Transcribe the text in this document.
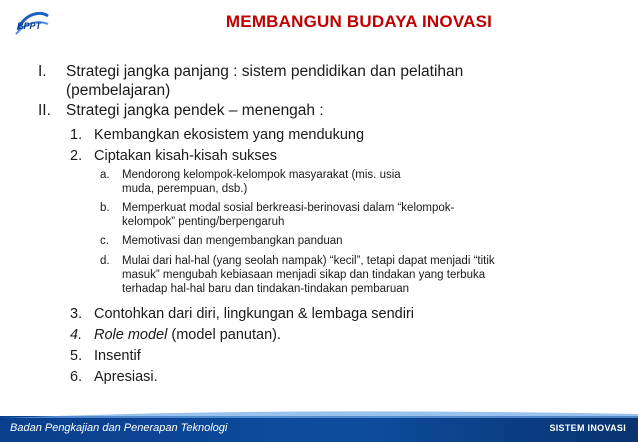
BPPT	MEMBANGUN BUDAYA INOVASI
I.	Strategi jangka panjang : sistem pendidikan dan pelatihan
(pembelajaran)
II. Strategi jangka pendek – menengah :
1. Kembangkan ekosistem yang mendukung
2. Ciptakan kisah-kisah sukses
a.	Mendorong kelompok-kelompok masyarakat (mis. usia
muda, perempuan, dsb.)
b.	Memperkuat modal sosial berkreasi-berinovasi dalam “kelompok-
kelompok” penting/berpengaruh
c.	Memotivasi dan mengembangkan panduan
d.	Mulai dari hal-hal (yang seolah nampak) “kecil”, tetapi dapat menjadi “titik
masuk” mengubah kebiasaan menjadi sikap dan tindakan yang terbuka
terhadap hal-hal baru dan tindakan-tindakan pembaruan
3. Contohkan dari diri, lingkungan & lembaga sendiri
4. Role model (model panutan).
5. Insentif
6. Apresiasi.
Badan Pengkajian dan Penerapan Teknologi	SISTEM INOVASI
